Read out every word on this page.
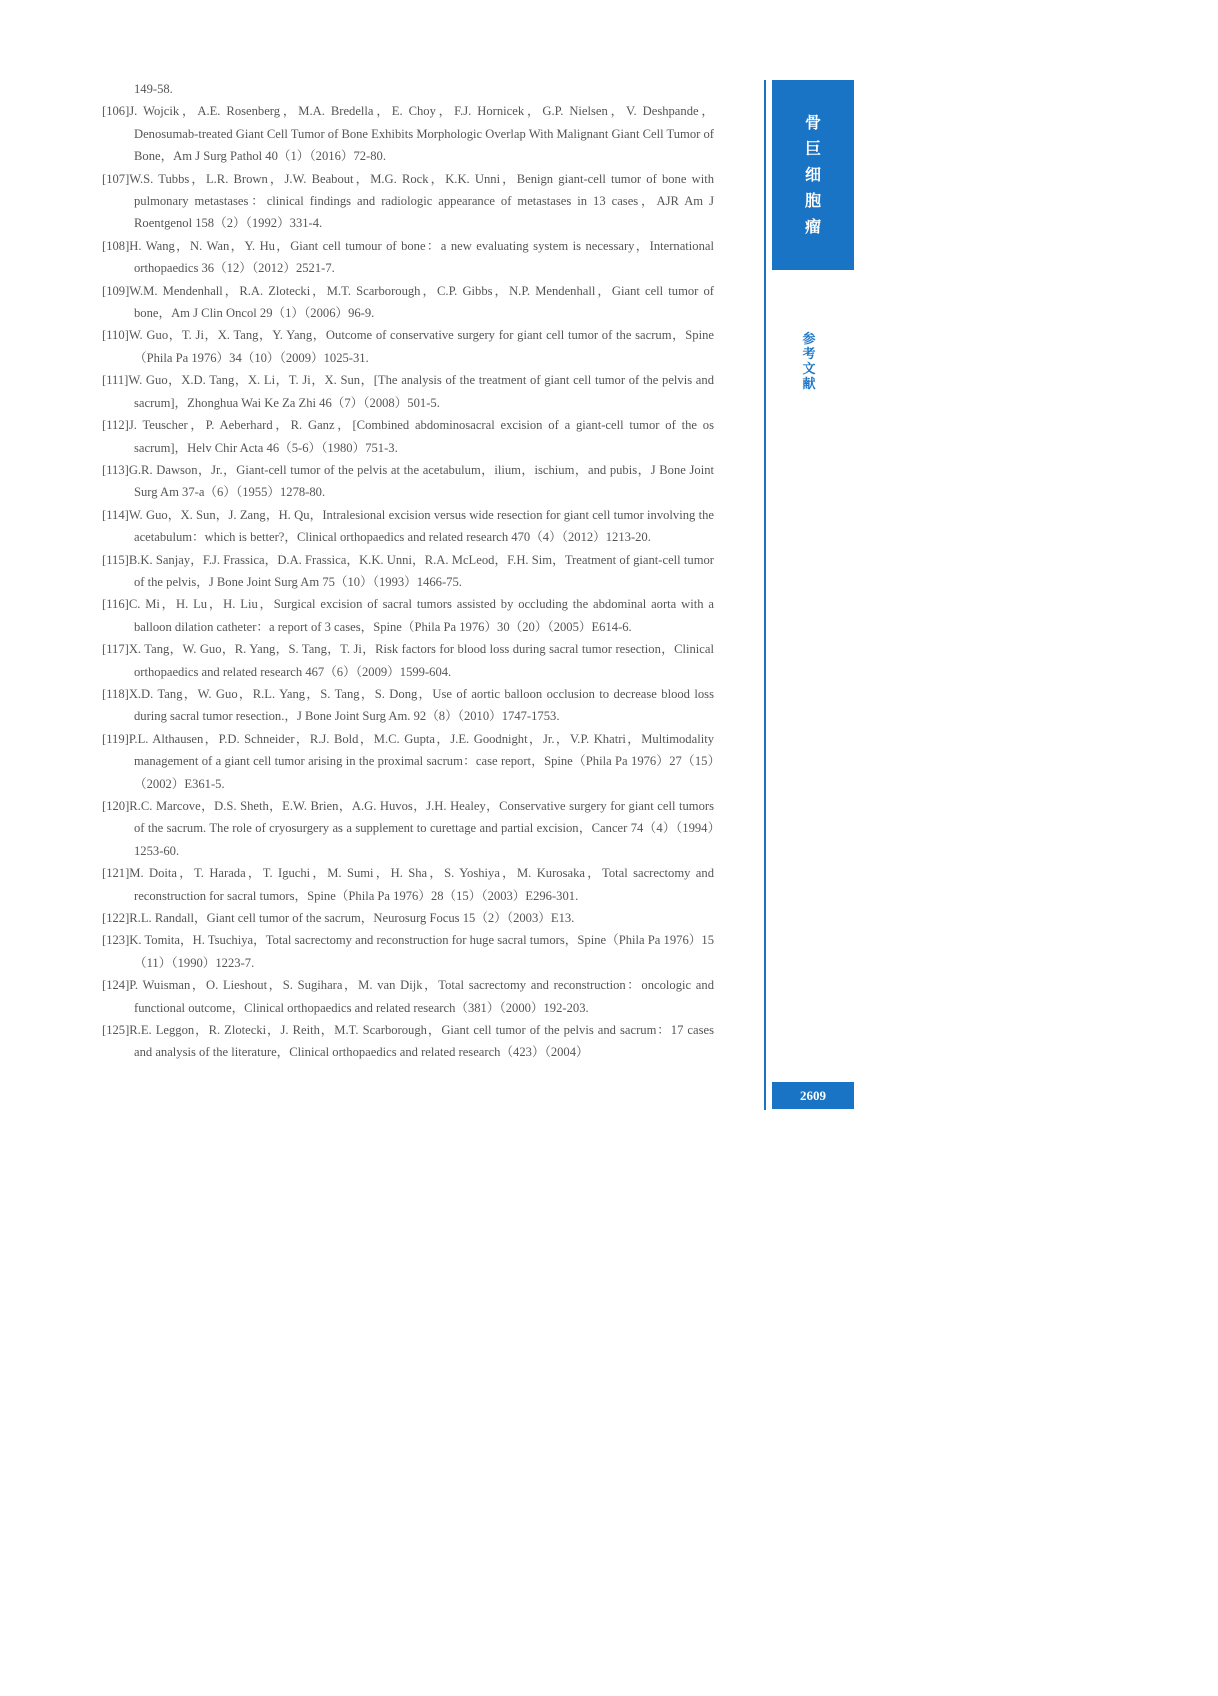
149-58.

[106]J. Wojcik，A.E. Rosenberg，M.A. Bredella，E. Choy，F.J. Hornicek，G.P. Nielsen，V. Deshpande，Denosumab-treated Giant Cell Tumor of Bone Exhibits Morphologic Overlap With Malignant Giant Cell Tumor of Bone，Am J Surg Pathol 40（1）（2016）72-80.

[107]W.S. Tubbs，L.R. Brown，J.W. Beabout，M.G. Rock，K.K. Unni，Benign giant-cell tumor of bone with pulmonary metastases：clinical findings and radiologic appearance of metastases in 13 cases，AJR Am J Roentgenol 158（2）（1992）331-4.

[108]H. Wang，N. Wan，Y. Hu，Giant cell tumour of bone：a new evaluating system is necessary，International orthopaedics 36（12）（2012）2521-7.

[109]W.M. Mendenhall，R.A. Zlotecki，M.T. Scarborough，C.P. Gibbs，N.P. Mendenhall，Giant cell tumor of bone，Am J Clin Oncol 29（1）（2006）96-9.

[110]W. Guo，T. Ji，X. Tang，Y. Yang，Outcome of conservative surgery for giant cell tumor of the sacrum，Spine（Phila Pa 1976）34（10）（2009）1025-31.

[111]W. Guo，X.D. Tang，X. Li，T. Ji，X. Sun，[The analysis of the treatment of giant cell tumor of the pelvis and sacrum]，Zhonghua Wai Ke Za Zhi 46（7）（2008）501-5.

[112]J. Teuscher，P. Aeberhard，R. Ganz，[Combined abdominosacral excision of a giant-cell tumor of the os sacrum]，Helv Chir Acta 46（5-6）（1980）751-3.

[113]G.R. Dawson，Jr.，Giant-cell tumor of the pelvis at the acetabulum，ilium，ischium，and pubis，J Bone Joint Surg Am 37-a（6）（1955）1278-80.

[114]W. Guo，X. Sun，J. Zang，H. Qu，Intralesional excision versus wide resection for giant cell tumor involving the acetabulum：which is better?，Clinical orthopaedics and related research 470（4）（2012）1213-20.

[115]B.K. Sanjay，F.J. Frassica，D.A. Frassica，K.K. Unni，R.A. McLeod，F.H. Sim，Treatment of giant-cell tumor of the pelvis，J Bone Joint Surg Am 75（10）（1993）1466-75.

[116]C. Mi，H. Lu，H. Liu，Surgical excision of sacral tumors assisted by occluding the abdominal aorta with a balloon dilation catheter：a report of 3 cases，Spine（Phila Pa 1976）30（20）（2005）E614-6.

[117]X. Tang，W. Guo，R. Yang，S. Tang，T. Ji，Risk factors for blood loss during sacral tumor resection，Clinical orthopaedics and related research 467（6）（2009）1599-604.

[118]X.D. Tang，W. Guo，R.L. Yang，S. Tang，S. Dong，Use of aortic balloon occlusion to decrease blood loss during sacral tumor resection.，J Bone Joint Surg Am. 92（8）（2010）1747-1753.

[119]P.L. Althausen，P.D. Schneider，R.J. Bold，M.C. Gupta，J.E. Goodnight，Jr.，V.P. Khatri，Multimodality management of a giant cell tumor arising in the proximal sacrum：case report，Spine（Phila Pa 1976）27（15）（2002）E361-5.

[120]R.C. Marcove，D.S. Sheth，E.W. Brien，A.G. Huvos，J.H. Healey，Conservative surgery for giant cell tumors of the sacrum. The role of cryosurgery as a supplement to curettage and partial excision，Cancer 74（4）（1994）1253-60.

[121]M. Doita，T. Harada，T. Iguchi，M. Sumi，H. Sha，S. Yoshiya，M. Kurosaka，Total sacrectomy and reconstruction for sacral tumors，Spine（Phila Pa 1976）28（15）（2003）E296-301.

[122]R.L. Randall，Giant cell tumor of the sacrum，Neurosurg Focus 15（2）（2003）E13.

[123]K. Tomita，H. Tsuchiya，Total sacrectomy and reconstruction for huge sacral tumors，Spine（Phila Pa 1976）15（11）（1990）1223-7.

[124]P. Wuisman，O. Lieshout，S. Sugihara，M. van Dijk，Total sacrectomy and reconstruction：oncologic and functional outcome，Clinical orthopaedics and related research（381）（2000）192-203.

[125]R.E. Leggon，R. Zlotecki，J. Reith，M.T. Scarborough，Giant cell tumor of the pelvis and sacrum：17 cases and analysis of the literature，Clinical orthopaedics and related research（423）（2004）

骨
巨
细
胞
瘤
参
考
文
献
2609
